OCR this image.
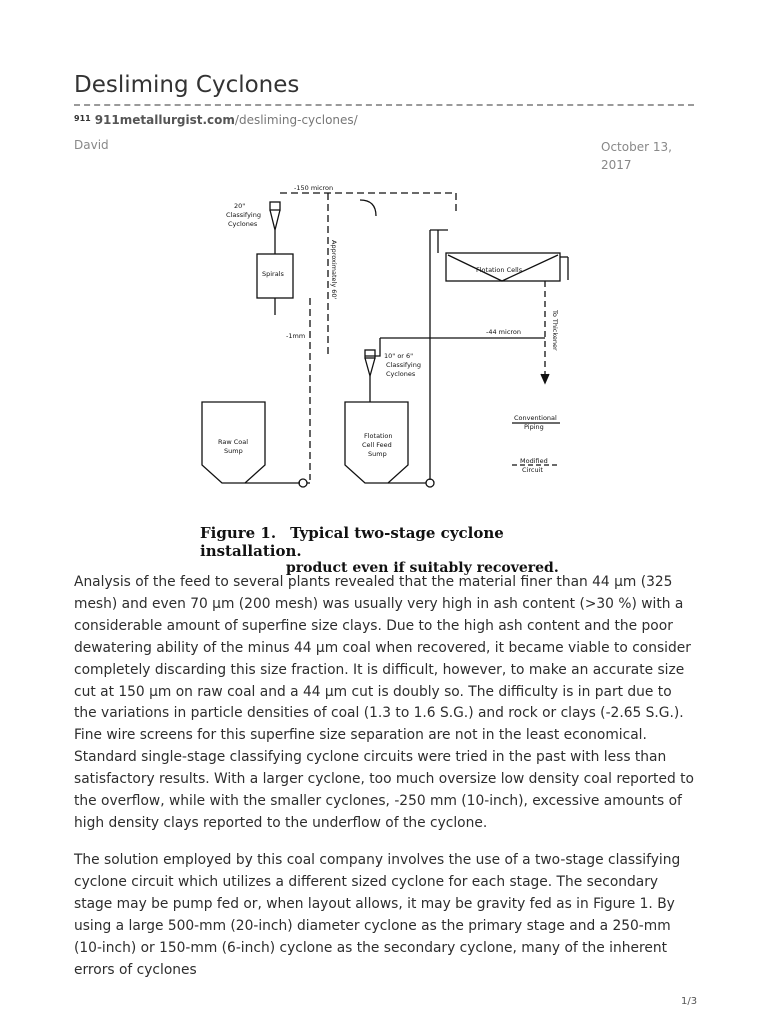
Desliming Cyclones
$^{911}$ 911metallurgist.com/desliming-cyclones/
David	October 13, 2017
-150 micron
20"
Classifying
Cyclones
Spirals	Approximately 60'	Flotation Cells
To Thickener
-1mm	-44 micron
10" or 6"
Classifying
Cyclones
Raw Coal
Sump
Flotation
Cell Feed
Sump
Conventional
Piping
Modified
Circuit
Figure 1. Typical two-stage cyclone installation.
product even if suitably recovered.

Analysis of the feed to several plants revealed that the material finer than 44 µm (325 mesh) and even 70 µm (200 mesh) was usually very high in ash content (>30 %) with a considerable amount of superfine size clays. Due to the high ash content and the poor dewatering ability of the minus 44 µm coal when recovered, it became viable to consider completely discarding this size fraction. It is difficult, however, to make an accurate size cut at 150 µm on raw coal and a 44 µm cut is doubly so. The difficulty is in part due to the variations in particle densities of coal (1.3 to 1.6 S.G.) and rock or clays (-2.65 S.G.). Fine wire screens for this superfine size separation are not in the least economical. Standard single-stage classifying cyclone circuits were tried in the past with less than satisfactory results. With a larger cyclone, too much oversize low density coal reported to the overflow, while with the smaller cyclones, -250 mm (10-inch), excessive amounts of high density clays reported to the underflow of the cyclone.

The solution employed by this coal company involves the use of a two-stage classifying cyclone circuit which utilizes a different sized cyclone for each stage. The secondary stage may be pump fed or, when layout allows, it may be gravity fed as in Figure 1. By using a large 500-mm (20-inch) diameter cyclone as the primary stage and a 250-mm (10-inch) or 150-mm (6-inch) cyclone as the secondary cyclone, many of the inherent errors of cyclones

1/3
